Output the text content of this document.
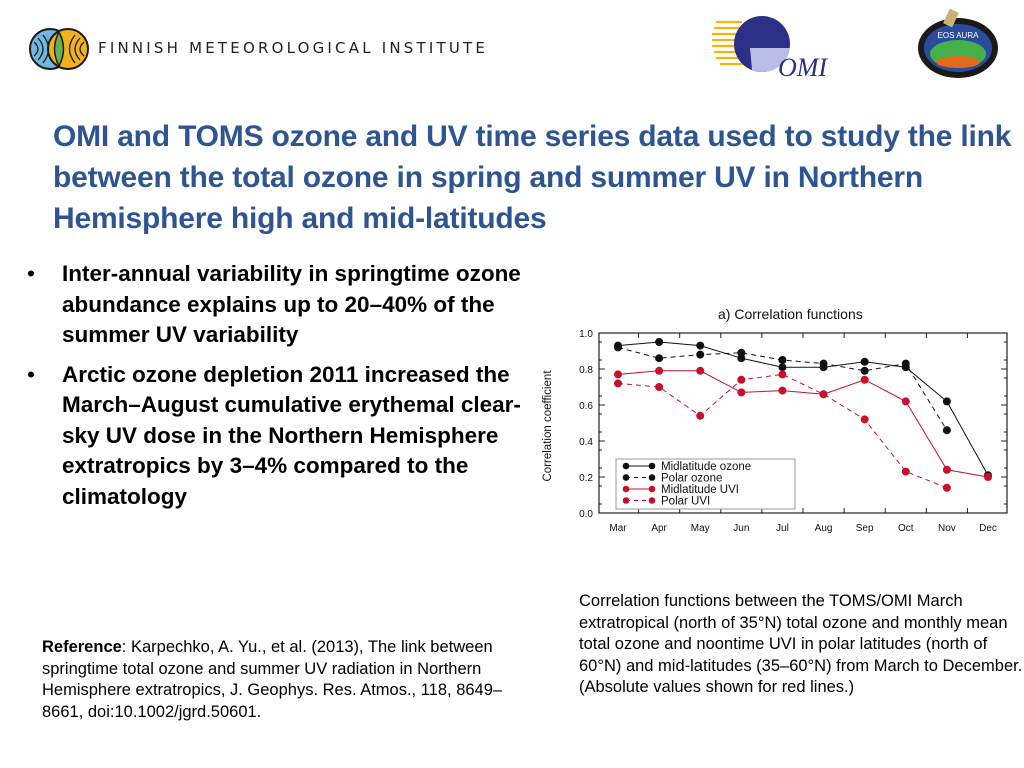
FINNISH METEOROLOGICAL INSTITUTE
OMI
EOS AURA
OMI and TOMS ozone and UV time series data used to study the link between the total ozone in spring and summer UV in Northern Hemisphere high and mid-latitudes
• Inter-annual variability in springtime ozone abundance explains up to 20–40% of the summer UV variability
• Arctic ozone depletion 2011 increased the March–August cumulative erythemal clear-sky UV dose in the Northern Hemisphere extratropics by 3–4% compared to the climatology
a) Correlation functions
Correlation coefficient
0.0
0.2
0.4
0.6
0.8
1.0
Mar Apr May Jun	Jul	Aug Sep Oct Nov Dec
Midlatitude ozone
Polar ozone
Midlatitude UVI
Polar UVI
Correlation functions between the TOMS/OMI March extratropical (north of 35°N) total ozone and monthly mean total ozone and noontime UVI in polar latitudes (north of 60°N) and mid-latitudes (35–60°N) from March to December. (Absolute values shown for red lines.)
Reference: Karpechko, A. Yu., et al. (2013), The link between springtime total ozone and summer UV radiation in Northern Hemisphere extratropics, J. Geophys. Res. Atmos., 118, 8649–8661, doi:10.1002/jgrd.50601.
